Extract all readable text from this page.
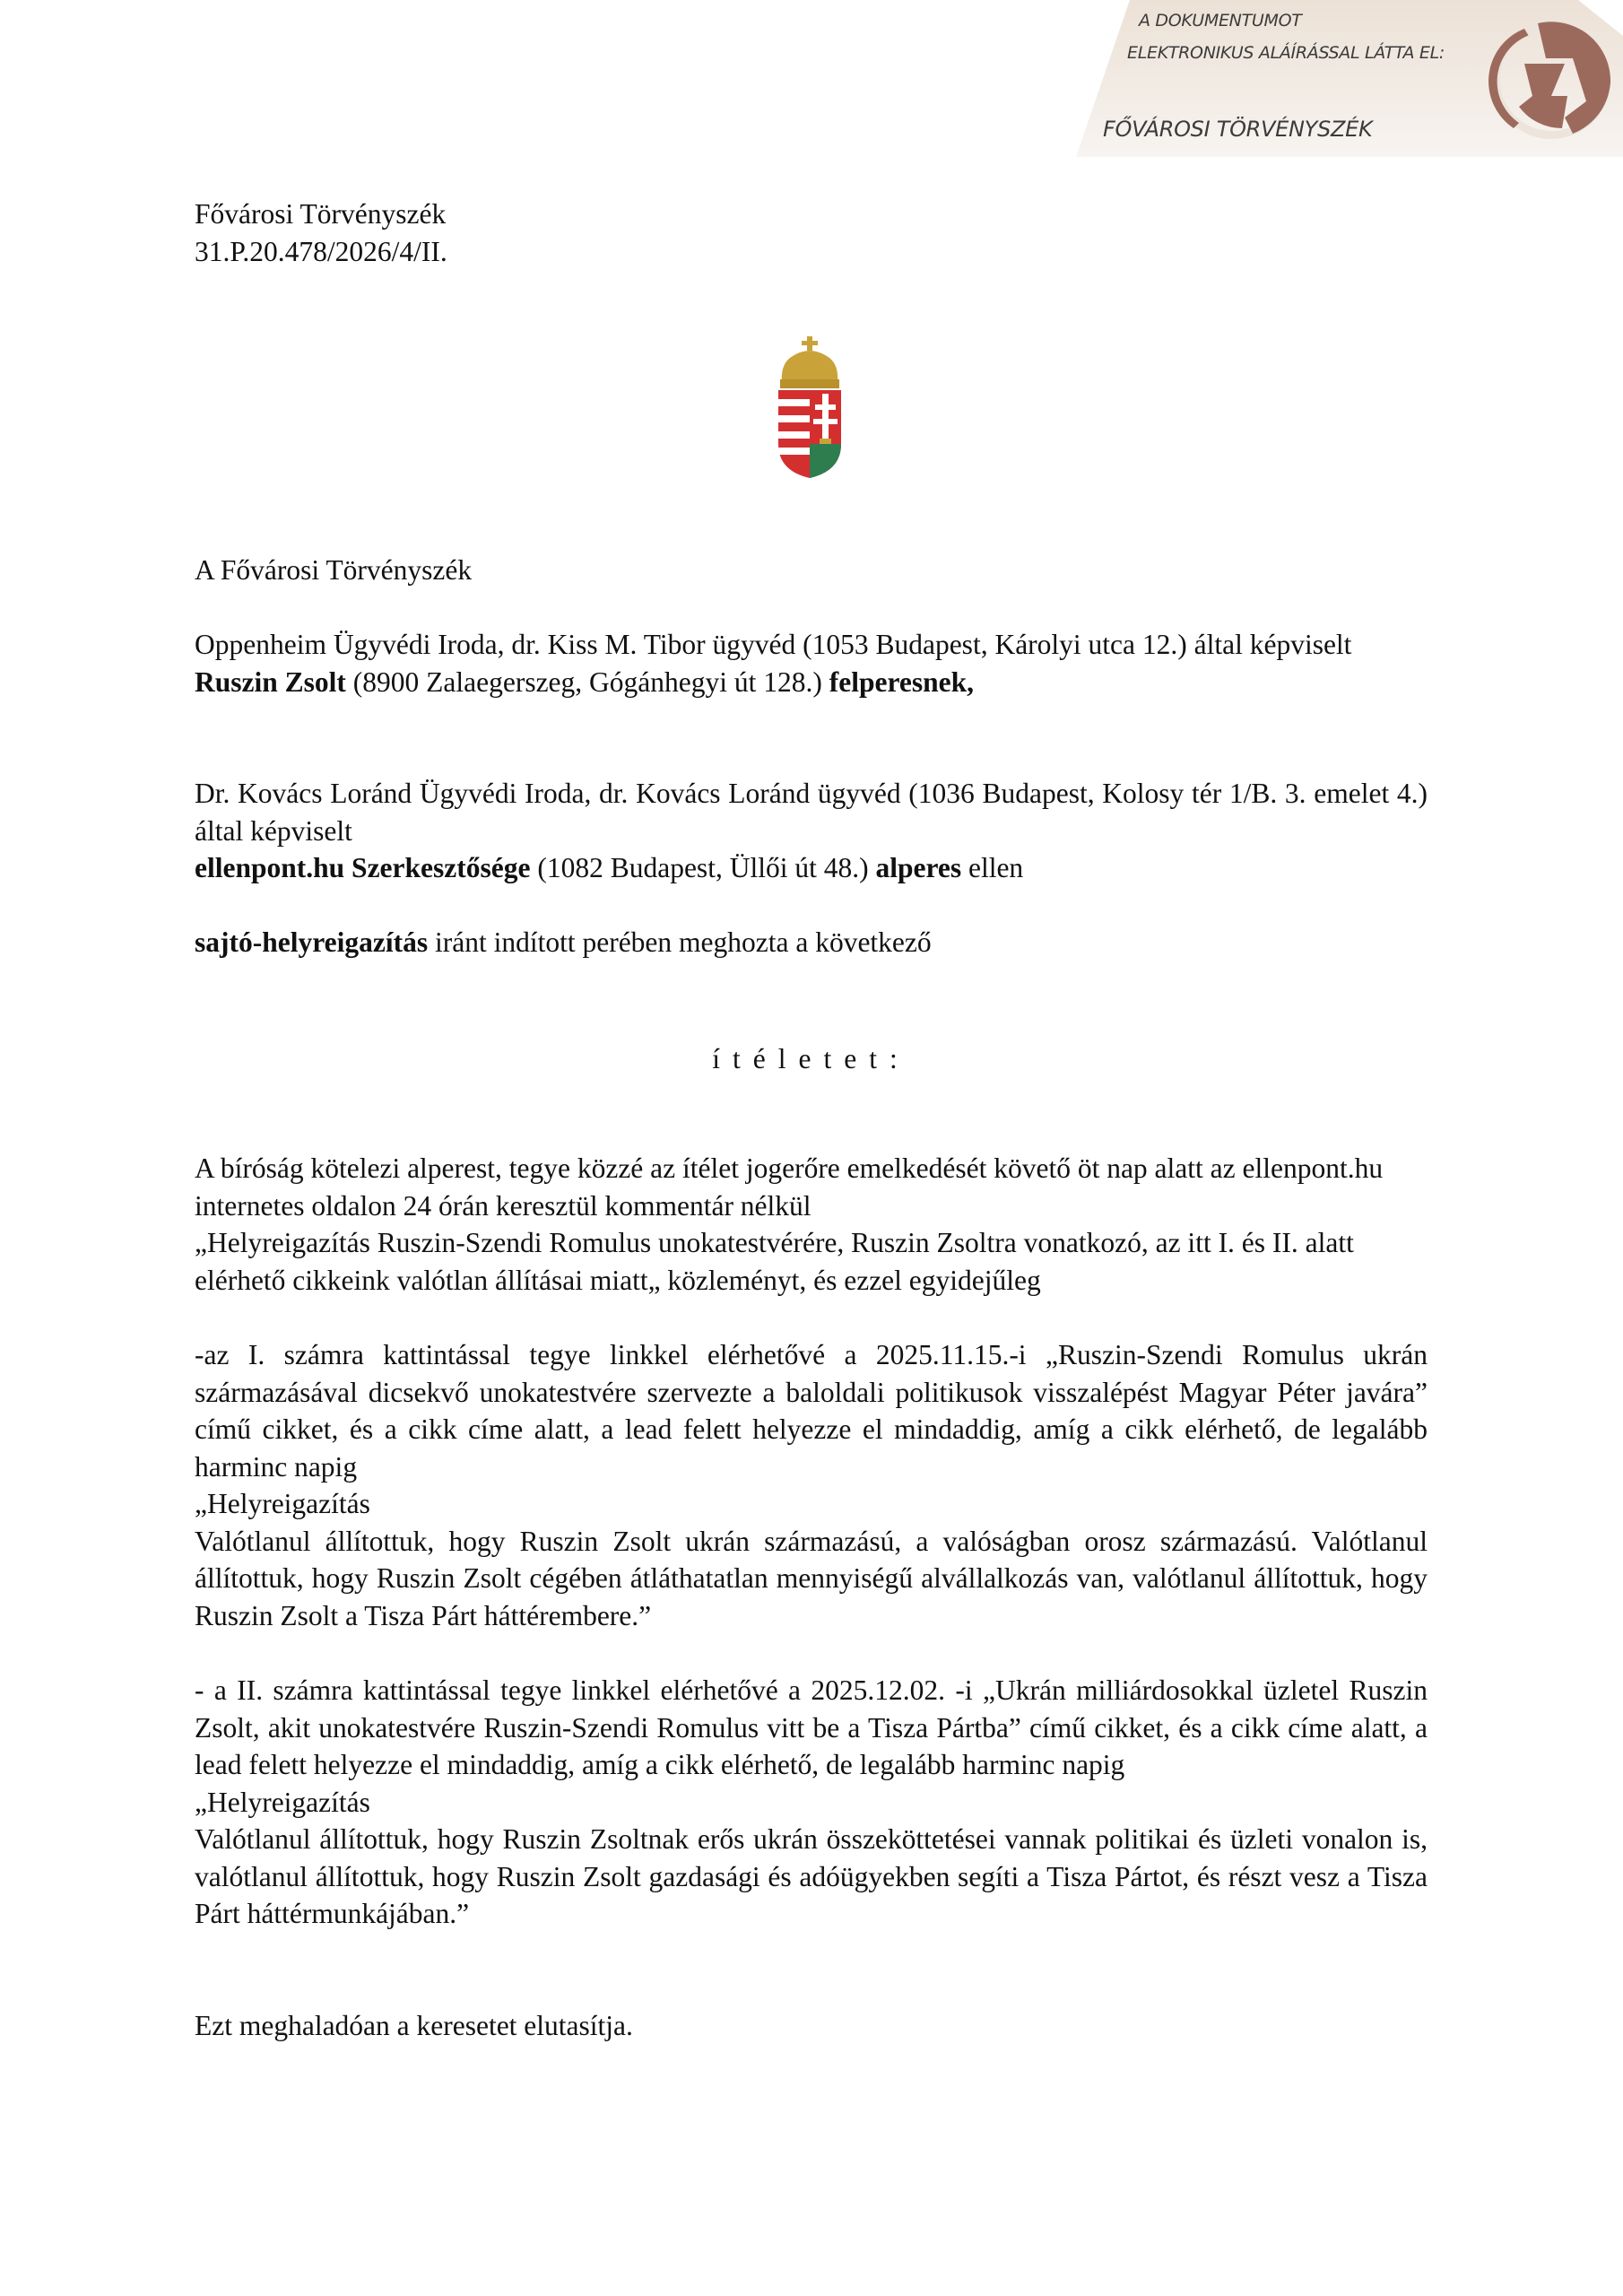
A DOKUMENTUMOT
ELEKTRONIKUS ALÁÍRÁSSAL LÁTTA EL:
FŐVÁROSI TÖRVÉNYSZÉK

Fővárosi Törvényszék

31.P.20.478/2026/4/II.

A Fővárosi Törvényszék

Oppenheim Ügyvédi Iroda, dr. Kiss M. Tibor ügyvéd (1053 Budapest, Károlyi utca 12.) által képviselt

Ruszin Zsolt (8900 Zalaegerszeg, Gógánhegyi út 128.) felperesnek,

Dr. Kovács Loránd Ügyvédi Iroda, dr. Kovács Loránd ügyvéd (1036 Budapest, Kolosy tér 1/B. 3. emelet 4.) által képviselt

ellenpont.hu Szerkesztősége (1082 Budapest, Üllői út 48.) alperes ellen

sajtó-helyreigazítás iránt indított perében meghozta a következő
ítéletet:

A bíróság kötelezi alperest, tegye közzé az ítélet jogerőre emelkedését követő öt nap alatt az ellenpont.hu internetes oldalon 24 órán keresztül kommentár nélkül

„Helyreigazítás Ruszin-Szendi Romulus unokatestvérére, Ruszin Zsoltra vonatkozó, az itt I. és II. alatt elérhető cikkeink valótlan állításai miatt„ közleményt, és ezzel egyidejűleg

-az I. számra kattintással tegye linkkel elérhetővé a 2025.11.15.-i „Ruszin-Szendi Romulus ukrán származásával dicsekvő unokatestvére szervezte a baloldali politikusok visszalépést Magyar Péter javára” című cikket, és a cikk címe alatt, a lead felett helyezze el mindaddig, amíg a cikk elérhető, de legalább harminc napig

„Helyreigazítás

Valótlanul állítottuk, hogy Ruszin Zsolt ukrán származású, a valóságban orosz származású. Valótlanul állítottuk, hogy Ruszin Zsolt cégében átláthatatlan mennyiségű alvállalkozás van, valótlanul állítottuk, hogy Ruszin Zsolt a Tisza Párt háttérembere.”

- a II. számra kattintással tegye linkkel elérhetővé a 2025.12.02. -i „Ukrán milliárdosokkal üzletel Ruszin Zsolt, akit unokatestvére Ruszin-Szendi Romulus vitt be a Tisza Pártba” című cikket, és a cikk címe alatt, a lead felett helyezze el mindaddig, amíg a cikk elérhető, de legalább harminc napig

„Helyreigazítás

Valótlanul állítottuk, hogy Ruszin Zsoltnak erős ukrán összeköttetései vannak politikai és üzleti vonalon is, valótlanul állítottuk, hogy Ruszin Zsolt gazdasági és adóügyekben segíti a Tisza Pártot, és részt vesz a Tisza Párt háttérmunkájában.”

Ezt meghaladóan a keresetet elutasítja.
